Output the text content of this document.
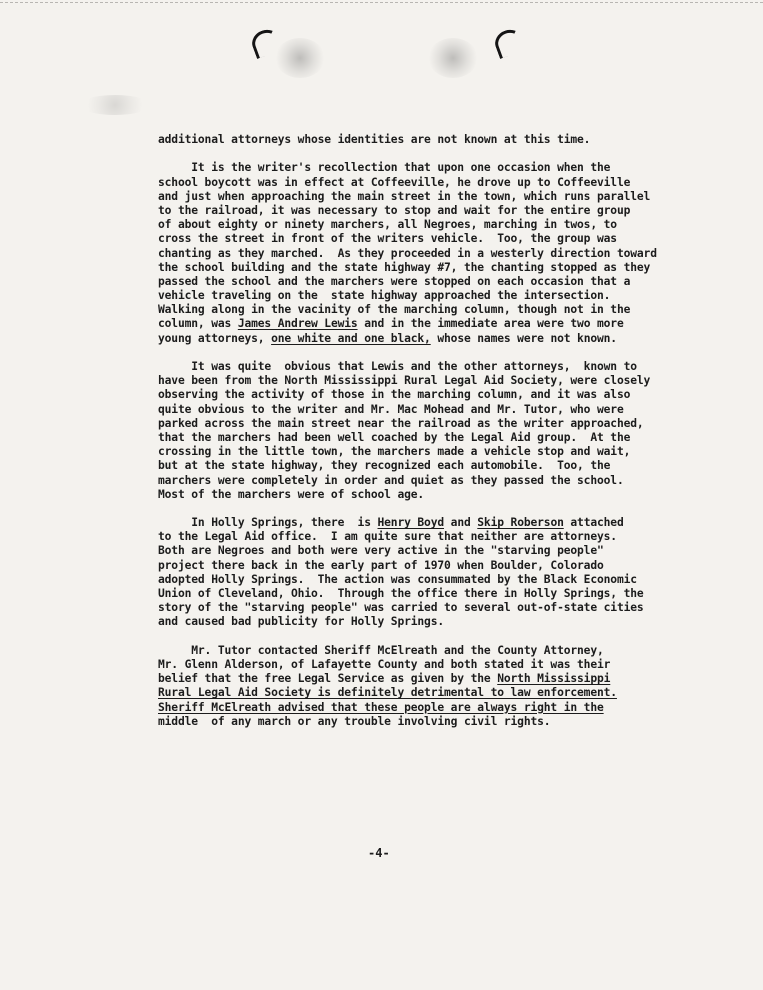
additional attorneys whose identities are not known at this time.
It is the writer's recollection that upon one occasion when the
school boycott was in effect at Coffeeville, he drove up to Coffeeville
and just when approaching the main street in the town, which runs parallel
to the railroad, it was necessary to stop and wait for the entire group
of about eighty or ninety marchers, all Negroes, marching in twos, to
cross the street in front of the writers vehicle.  Too, the group was
chanting as they marched.  As they proceeded in a westerly direction toward
the school building and the state highway #7, the chanting stopped as they
passed the school and the marchers were stopped on each occasion that a
vehicle traveling on the  state highway approached the intersection.
Walking along in the vacinity of the marching column, though not in the
column, was James Andrew Lewis and in the immediate area were two more
young attorneys, one white and one black, whose names were not known.
It was quite  obvious that Lewis and the other attorneys,  known to
have been from the North Mississippi Rural Legal Aid Society, were closely
observing the activity of those in the marching column, and it was also
quite obvious to the writer and Mr. Mac Mohead and Mr. Tutor, who were
parked across the main street near the railroad as the writer approached,
that the marchers had been well coached by the Legal Aid group.  At the
crossing in the little town, the marchers made a vehicle stop and wait,
but at the state highway, they recognized each automobile.  Too, the
marchers were completely in order and quiet as they passed the school.
Most of the marchers were of school age.
In Holly Springs, there  is Henry Boyd and Skip Roberson attached
to the Legal Aid office.  I am quite sure that neither are attorneys.
Both are Negroes and both were very active in the "starving people"
project there back in the early part of 1970 when Boulder, Colorado
adopted Holly Springs.  The action was consummated by the Black Economic
Union of Cleveland, Ohio.  Through the office there in Holly Springs, the
story of the "starving people" was carried to several out-of-state cities
and caused bad publicity for Holly Springs.
Mr. Tutor contacted Sheriff McElreath and the County Attorney,
Mr. Glenn Alderson, of Lafayette County and both stated it was their
belief that the free Legal Service as given by the North Mississippi
Rural Legal Aid Society is definitely detrimental to law enforcement.
Sheriff McElreath advised that these people are always right in the
middle  of any march or any trouble involving civil rights.
-4-
